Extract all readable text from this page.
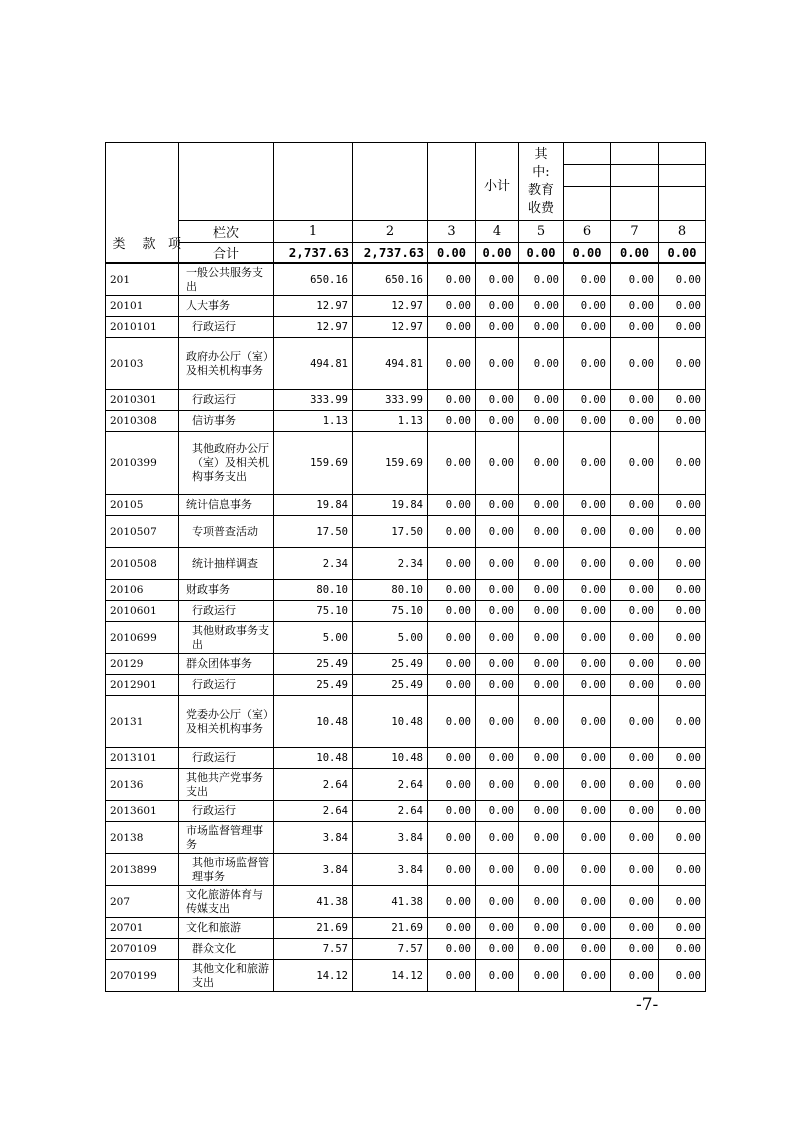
类	款 项
小计
其
中:
教育
收费
栏次	1	2	3	4	5	6	7	8
合计	2,737.63	2,737.63	0.00	0.00	0.00	0.00	0.00	0.00
201	一般公共服务支出	650.16	650.16	0.00	0.00	0.00	0.00	0.00	0.00
20101	人大事务	12.97	12.97	0.00	0.00	0.00	0.00	0.00	0.00
2010101	行政运行	12.97	12.97	0.00	0.00	0.00	0.00	0.00	0.00
20103	政府办公厅（室）及相关机构事务	494.81	494.81	0.00	0.00	0.00	0.00	0.00	0.00
2010301	行政运行	333.99	333.99	0.00	0.00	0.00	0.00	0.00	0.00
2010308	信访事务	1.13	1.13	0.00	0.00	0.00	0.00	0.00	0.00
2010399	其他政府办公厅（室）及相关机构事务支出	159.69	159.69	0.00	0.00	0.00	0.00	0.00	0.00
20105	统计信息事务	19.84	19.84	0.00	0.00	0.00	0.00	0.00	0.00
2010507	专项普查活动	17.50	17.50	0.00	0.00	0.00	0.00	0.00	0.00
2010508	统计抽样调查	2.34	2.34	0.00	0.00	0.00	0.00	0.00	0.00
20106	财政事务	80.10	80.10	0.00	0.00	0.00	0.00	0.00	0.00
2010601	行政运行	75.10	75.10	0.00	0.00	0.00	0.00	0.00	0.00
2010699	其他财政事务支出	5.00	5.00	0.00	0.00	0.00	0.00	0.00	0.00
20129	群众团体事务	25.49	25.49	0.00	0.00	0.00	0.00	0.00	0.00
2012901	行政运行	25.49	25.49	0.00	0.00	0.00	0.00	0.00	0.00
20131	党委办公厅（室）及相关机构事务	10.48	10.48	0.00	0.00	0.00	0.00	0.00	0.00
2013101	行政运行	10.48	10.48	0.00	0.00	0.00	0.00	0.00	0.00
20136	其他共产党事务支出	2.64	2.64	0.00	0.00	0.00	0.00	0.00	0.00
2013601	行政运行	2.64	2.64	0.00	0.00	0.00	0.00	0.00	0.00
20138	市场监督管理事务	3.84	3.84	0.00	0.00	0.00	0.00	0.00	0.00
2013899	其他市场监督管理事务	3.84	3.84	0.00	0.00	0.00	0.00	0.00	0.00
207	文化旅游体育与传媒支出	41.38	41.38	0.00	0.00	0.00	0.00	0.00	0.00
20701	文化和旅游	21.69	21.69	0.00	0.00	0.00	0.00	0.00	0.00
2070109	群众文化	7.57	7.57	0.00	0.00	0.00	0.00	0.00	0.00
2070199	其他文化和旅游支出	14.12	14.12	0.00	0.00	0.00	0.00	0.00	0.00
-7-
